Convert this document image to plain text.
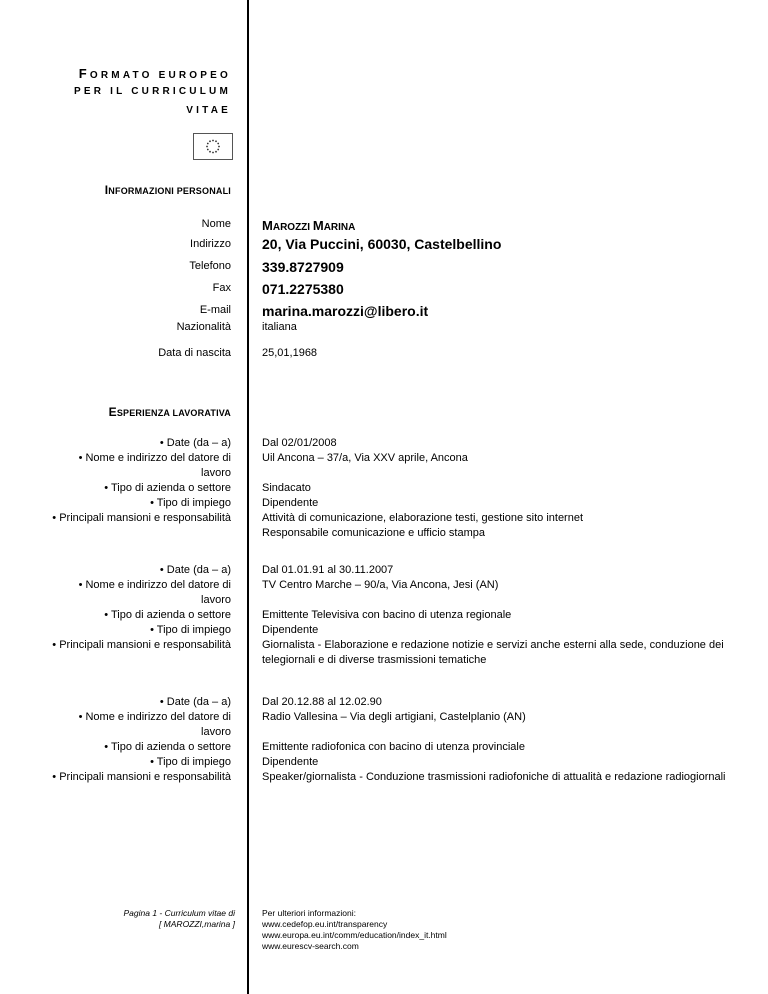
FORMATO EUROPEO
PER IL CURRICULUM
VITAE
INFORMAZIONI PERSONALI
Nome MAROZZI MARINA
Indirizzo 20, Via Puccini, 60030, Castelbellino
Telefono 339.8727909
Fax 071.2275380
E-mail marina.marozzi@libero.it
Nazionalità	italiana
Data di nascita	25,01,1968
ESPERIENZA LAVORATIVA
• Date (da – a)
• Nome e indirizzo del datore di
lavoro
• Tipo di azienda o settore
• Tipo di impiego
• Principali mansioni e responsabilità
Dal 02/01/2008
Uil Ancona – 37/a, Via XXV aprile, Ancona
Sindacato
Dipendente
Attività di comunicazione, elaborazione testi, gestione sito internet
Responsabile comunicazione e ufficio stampa
• Date (da – a)
• Nome e indirizzo del datore di
lavoro
• Tipo di azienda o settore
• Tipo di impiego
• Principali mansioni e responsabilità
Dal 01.01.91 al 30.11.2007
TV Centro Marche – 90/a, Via Ancona, Jesi (AN)
Emittente Televisiva con bacino di utenza regionale
Dipendente
Giornalista - Elaborazione e redazione notizie e servizi anche esterni alla sede, conduzione dei
telegiornali e di diverse trasmissioni tematiche
• Date (da – a)
• Nome e indirizzo del datore di
lavoro
• Tipo di azienda o settore
• Tipo di impiego
• Principali mansioni e responsabilità
Dal 20.12.88 al 12.02.90
Radio Vallesina – Via degli artigiani, Castelplanio (AN)
Emittente radiofonica con bacino di utenza provinciale
Dipendente
Speaker/giornalista - Conduzione trasmissioni radiofoniche di attualità e redazione radiogiornali
Pagina 1 - Curriculum vitae di
[ MAROZZI,marina ]
Per ulteriori informazioni:
www.cedefop.eu.int/transparency
www.europa.eu.int/comm/education/index_it.html
www.eurescv-search.com
